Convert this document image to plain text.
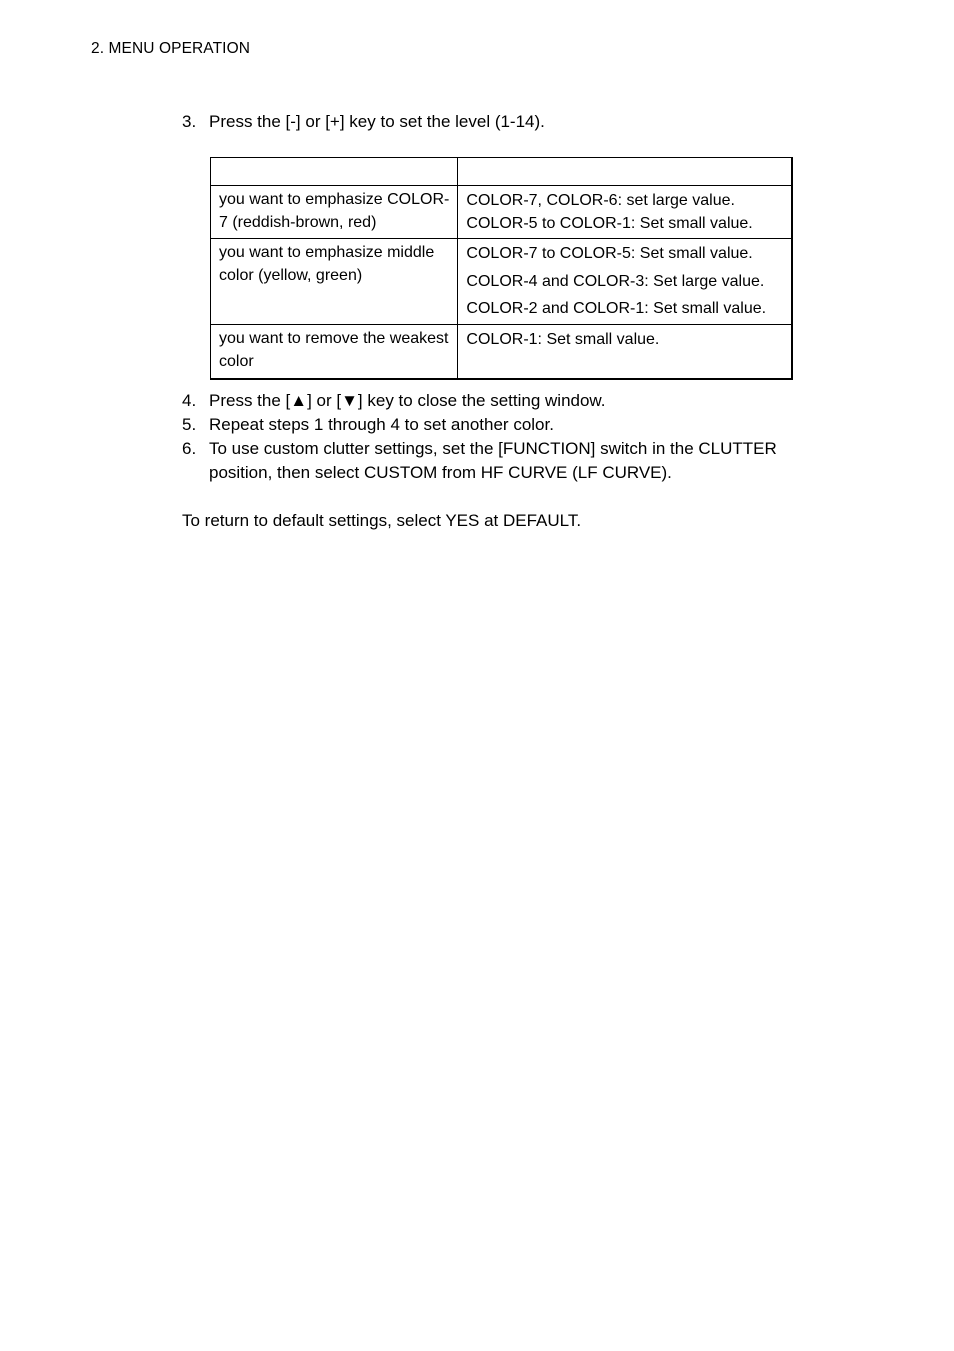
2. MENU OPERATION
3. Press the [-] or [+] key to set the level (1-14).

you want to emphasize COLOR-7 (reddish-brown, red)	COLOR-7, COLOR-6: set large value.
COLOR-5 to COLOR-1: Set small value.

you want to emphasize middle color (yellow, green)	COLOR-7 to COLOR-5: Set small value.
COLOR-4 and COLOR-3: Set large value.
COLOR-2 and COLOR-1: Set small value.

you want to remove the weakest color	COLOR-1: Set small value.
4. Press the [▲] or [▼] key to close the setting window.
5. Repeat steps 1 through 4 to set another color.
6. To use custom clutter settings, set the [FUNCTION] switch in the CLUTTER position, then select CUSTOM from HF CURVE (LF CURVE).
To return to default settings, select YES at DEFAULT.
